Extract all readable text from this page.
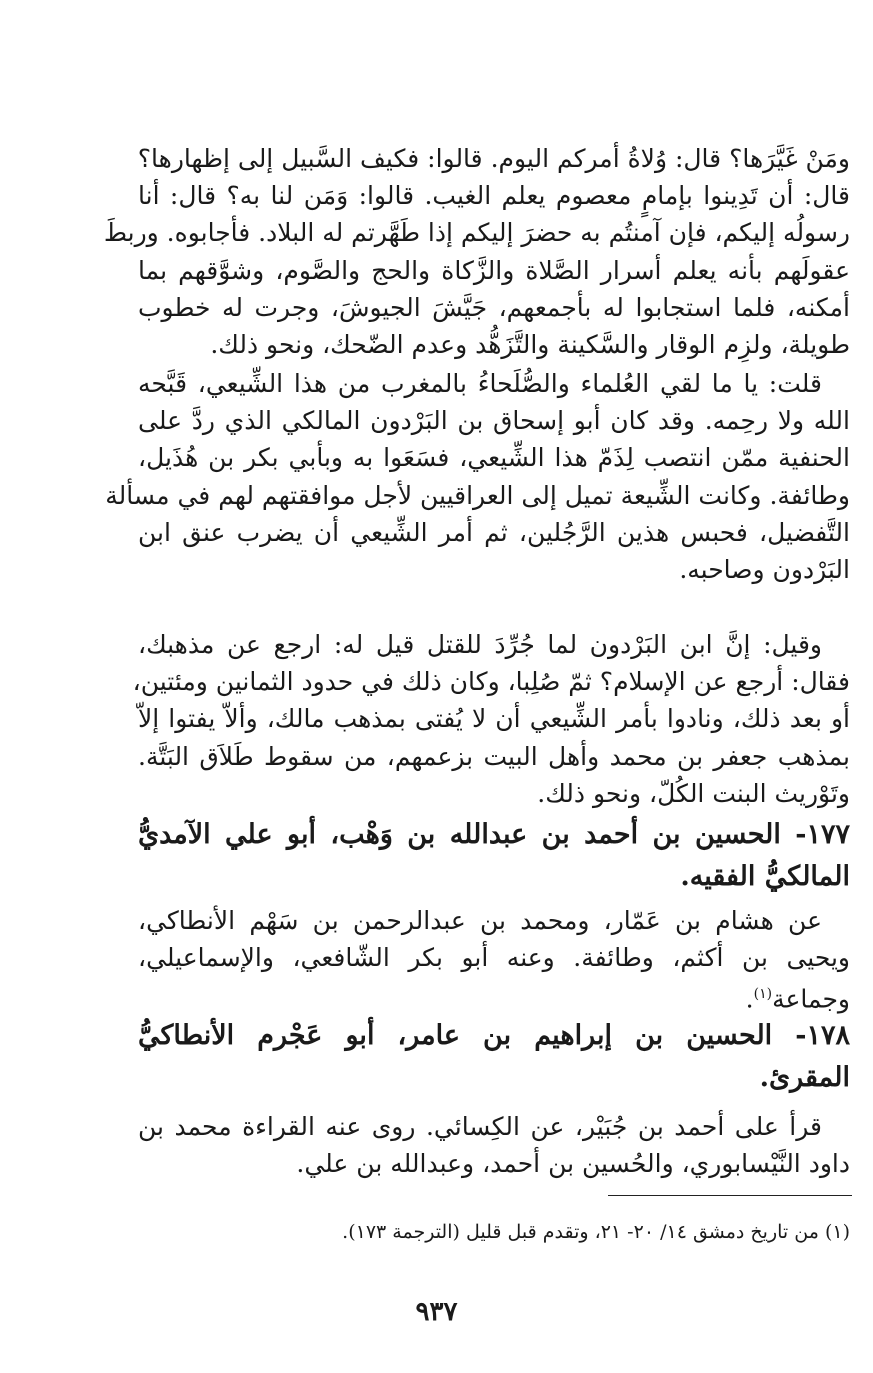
ومَنْ غَيَّرَها؟ قال: وُلاةُ أمركم اليوم. قالوا: فكيف السَّبيل إلى إظهارها؟
قال: أن تَدِينوا بإمامٍ معصوم يعلم الغيب. قالوا: وَمَن لنا به؟ قال: أنا
رسولُه إليكم، فإن آمنتُم به حضرَ إليكم إذا طَهَّرتم له البلاد. فأجابوه. وربطَ
عقولَهم بأنه يعلم أسرار الصَّلاة والزَّكاة والحج والصَّوم، وشوَّقهم بما
أمكنه، فلما استجابوا له بأجمعهم، جَيَّشَ الجيوشَ، وجرت له خطوب
طويلة، ولزِم الوقار والسَّكينة والتَّزَهُّد وعدم الضّحك، ونحو ذلك.
قلت: يا ما لقي العُلماء والصُّلَحاءُ بالمغرب من هذا الشِّيعي، قَبَّحه
الله ولا رحِمه. وقد كان أبو إسحاق بن البَرْدون المالكي الذي ردَّ على
الحنفية ممّن انتصب لِذَمّ هذا الشِّيعي، فسَعَوا به وبأبي بكر بن هُذَيل،
وطائفة. وكانت الشِّيعة تميل إلى العراقيين لأجل موافقتهم لهم في مسألة
التَّفضيل، فحبس هذين الرَّجُلين، ثم أمر الشِّيعي أن يضرب عنق ابن
البَرْدون وصاحبه.
وقيل: إنَّ ابن البَرْدون لما جُرِّدَ للقتل قيل له: ارجع عن مذهبك،
فقال: أرجع عن الإسلام؟ ثمّ صُلِبا، وكان ذلك في حدود الثمانين ومئتين،
أو بعد ذلك، ونادوا بأمر الشِّيعي أن لا يُفتى بمذهب مالك، وألاّ يفتوا إلاّ
بمذهب جعفر بن محمد وأهل البيت بزعمهم، من سقوط طَلاَق البَتَّة.
وتَوْريث البنت الكُلّ، ونحو ذلك.
١٧٧- الحسين بن أحمد بن عبدالله بن وَهْب، أبو علي الآمديُّ
المالكيُّ الفقيه.
عن هشام بن عَمّار، ومحمد بن عبدالرحمن بن سَهْم الأنطاكي،
ويحيى بن أكثم، وطائفة. وعنه أبو بكر الشّافعي، والإسماعيلي،
وجماعة$^{(١)}$.
١٧٨- الحسين بن إبراهيم بن عامر، أبو عَجْرم الأنطاكيُّ
المقرئ.
قرأ على أحمد بن جُبَيْر، عن الكِسائي. روى عنه القراءة محمد بن
داود النَّيْسابوري، والحُسين بن أحمد، وعبدالله بن علي.
(١) من تاريخ دمشق ١٤/ ٢٠- ٢١، وتقدم قبل قليل (الترجمة ١٧٣).
٩٣٧
